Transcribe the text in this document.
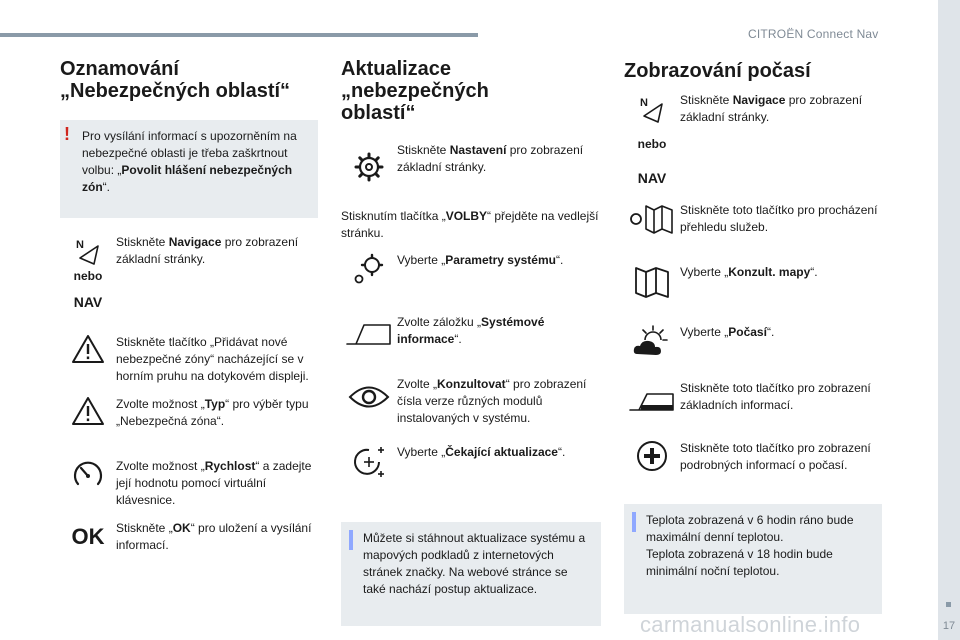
CITROËN Connect Nav
17
Oznamování
„Nebezpečných oblastí“
! Pro vysílání informací s upozorněním na nebezpečné oblasti je třeba zaškrtnout volbu: „Povolit hlášení nebezpečných zón“.
N
nebo
Stiskněte Navigace pro zobrazení základní stránky.
NAV
Stiskněte tlačítko „Přidávat nové nebezpečné zóny“ nacházející se v horním pruhu na dotykovém displeji.
Zvolte možnost „Typ“ pro výběr typu „Nebezpečná zóna“.
Zvolte možnost „Rychlost“ a zadejte její hodnotu pomocí virtuální klávesnice.
OK Stiskněte „OK“ pro uložení a vysílání informací.
Aktualizace „nebezpečných
oblastí“
Stiskněte Nastavení pro zobrazení základní stránky.

Stisknutím tlačítka „VOLBY“ přejděte na vedlejší stránku.

Vyberte „Parametry systému“.
Zvolte záložku „Systémové informace“.
Zvolte „Konzultovat“ pro zobrazení čísla verze různých modulů instalovaných v systému.
Vyberte „Čekající aktualizace“.
Můžete si stáhnout aktualizace systému a mapových podkladů z internetových stránek značky. Na webové stránce se také nachází postup aktualizace.
Zobrazování počasí
N
nebo
Stiskněte Navigace pro zobrazení základní stránky.
NAV
Stiskněte toto tlačítko pro procházení přehledu služeb.
Vyberte „Konzult. mapy“.
Vyberte „Počasí“.
Stiskněte toto tlačítko pro zobrazení základních informací.
Stiskněte toto tlačítko pro zobrazení podrobných informací o počasí.
Teplota zobrazená v 6 hodin ráno bude maximální denní teplotou.
Teplota zobrazená v 18 hodin bude minimální noční teplotou.
carmanualsonline.info
